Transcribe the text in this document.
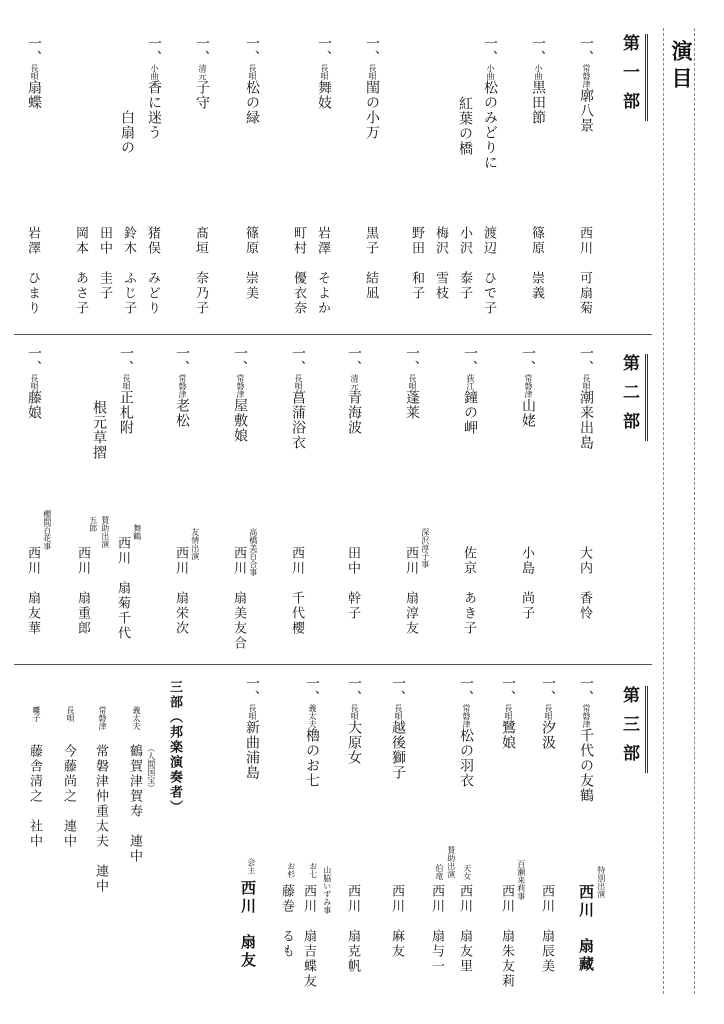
演目
第一部
一、常磐津廓八景
西川　可扇菊
一、小曲黒田節
篠原　崇義
一、小曲松のみどりに
紅葉の橋
渡辺　ひで子
小沢　泰子
梅沢　雪枝
野田　和子
一、長唄閨の小万
黒子　結凪
一、長唄舞妓
岩澤　そよか
町村　優衣奈
一、長唄松の緑
篠原　崇美
一、清元子守
髙垣　奈乃子
一、小曲香に迷う
白扇の
猪俣　みどり
鈴木　ふじ子
田中　圭子
岡本　あさ子
一、長唄扇蝶
岩澤　ひまり
第二部
一、長唄潮来出島
大内　香怜
一、常磐津山姥
小島　尚子
一、荻江鐘の岬
佐京　あき子
一、長唄蓬莱
深沢淳子事
西川　扇淳友
一、清元青海波
田中　幹子
一、長唄菖蒲浴衣
西川　千代櫻
一、常磐津屋敷娘
高橋美百合事
西川　扇美友合
一、常磐津老松
友情出演
西川　扇栄次
一、長唄正札附
根元草摺
舞鶴
西川　扇菊千代
賛助出演
五郎
西川　扇重郎
一、長唄藤娘
櫻間百花事
西川　扇友華
第三部
一、常磐津千代の友鶴
特別出演
西川　扇藏
一、長唄汐汲
西川　扇辰美
一、長唄鷺娘
百瀬来莉事
西川　扇朱友莉
一、常磐津松の羽衣
天女
西川　扇友里
賛助出演
伯竜
西川　扇与一
一、長唄越後獅子
西川　麻友
一、長唄大原女
西川　扇克帆
一、義太夫櫓のお七
山脇いずみ事
お七
西川　扇吉蝶友
お杉
藤巻　るも
一、長唄新曲浦島
会主
西川　扇友
三部（邦楽演奏者）
義太夫
（人間国宝）
鶴賀津賀寿　連中
常磐津
常磐津仲重太夫　連中
長唄
今藤尚之　連中
囃子
藤舎清之　社中
